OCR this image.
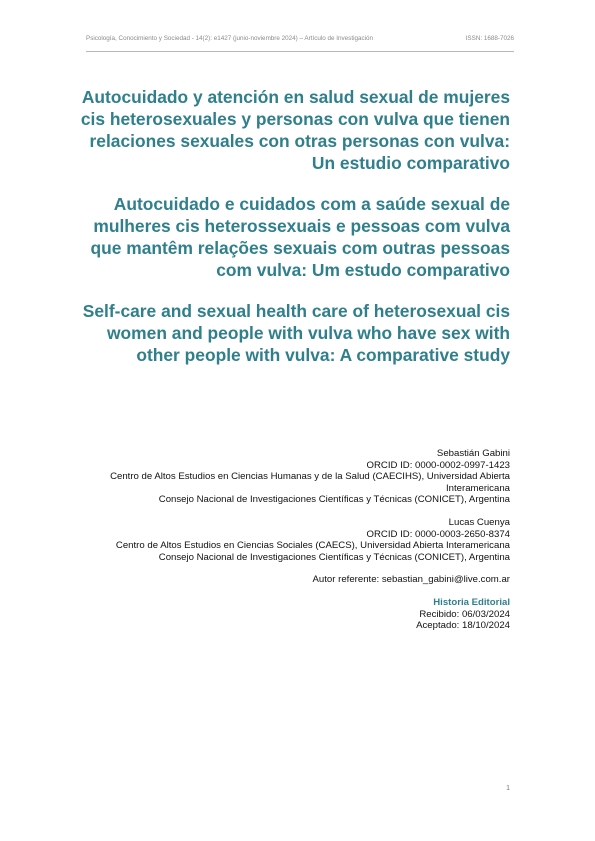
Psicología, Conocimiento y Sociedad - 14(2): e1427 (junio-noviembre 2024) – Artículo de Investigación	ISSN: 1688-7026
Autocuidado y atención en salud sexual de mujeres cis heterosexuales y personas con vulva que tienen relaciones sexuales con otras personas con vulva: Un estudio comparativo
Autocuidado e cuidados com a saúde sexual de mulheres cis heterossexuais e pessoas com vulva que mantêm relações sexuais com outras pessoas com vulva: Um estudo comparativo
Self-care and sexual health care of heterosexual cis women and people with vulva who have sex with other people with vulva: A comparative study
Sebastián Gabini
ORCID ID: 0000-0002-0997-1423
Centro de Altos Estudios en Ciencias Humanas y de la Salud (CAECIHS), Universidad Abierta Interamericana
Consejo Nacional de Investigaciones Científicas y Técnicas (CONICET), Argentina
Lucas Cuenya
ORCID ID: 0000-0003-2650-8374
Centro de Altos Estudios en Ciencias Sociales (CAECS), Universidad Abierta Interamericana
Consejo Nacional de Investigaciones Científicas y Técnicas (CONICET), Argentina
Autor referente: sebastian_gabini@live.com.ar
Historia Editorial
Recibido: 06/03/2024
Aceptado: 18/10/2024
1
